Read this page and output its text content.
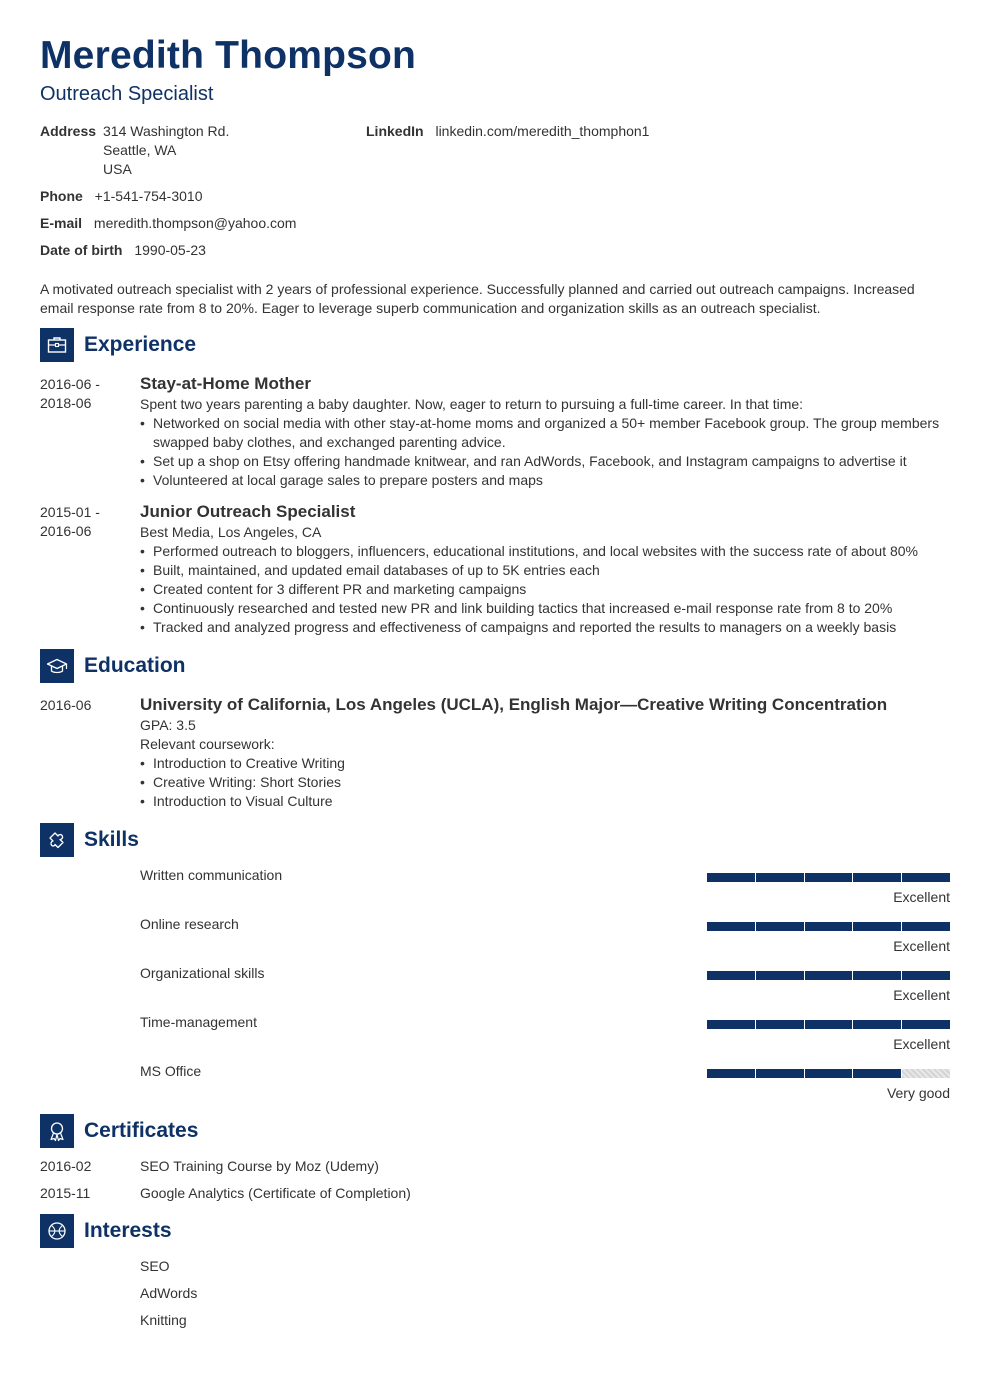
Meredith Thompson
Outreach Specialist
Address 314 Washington Rd.
Seattle, WA
USA
LinkedIn linkedin.com/meredith_thomphon1
Phone +1-541-754-3010
E-mail meredith.thompson@yahoo.com
Date of birth 1990-05-23
A motivated outreach specialist with 2 years of professional experience. Successfully planned and carried out outreach campaigns. Increased email response rate from 8 to 20%. Eager to leverage superb communication and organization skills as an outreach specialist.
Experience
2016-06 -
2018-06
Stay-at-Home Mother
Spent two years parenting a baby daughter. Now, eager to return to pursuing a full-time career. In that time:
• Networked on social media with other stay-at-home moms and organized a 50+ member Facebook group. The group members swapped baby clothes, and exchanged parenting advice.
• Set up a shop on Etsy offering handmade knitwear, and ran AdWords, Facebook, and Instagram campaigns to advertise it
• Volunteered at local garage sales to prepare posters and maps
2015-01 -
2016-06
Junior Outreach Specialist
Best Media, Los Angeles, CA
• Performed outreach to bloggers, influencers, educational institutions, and local websites with the success rate of about 80%
• Built, maintained, and updated email databases of up to 5K entries each
• Created content for 3 different PR and marketing campaigns
• Continuously researched and tested new PR and link building tactics that increased e-mail response rate from 8 to 20%
• Tracked and analyzed progress and effectiveness of campaigns and reported the results to managers on a weekly basis
Education
2016-06	University of California, Los Angeles (UCLA), English Major—Creative Writing Concentration
GPA: 3.5
Relevant coursework:
• Introduction to Creative Writing
• Creative Writing: Short Stories
• Introduction to Visual Culture
Skills
Written communication
Excellent
Online research
Excellent
Organizational skills
Excellent
Time-management
Excellent
MS Office
Very good
Certificates
2016-02	SEO Training Course by Moz (Udemy)
2015-11	Google Analytics (Certificate of Completion)
Interests
SEO
AdWords
Knitting
